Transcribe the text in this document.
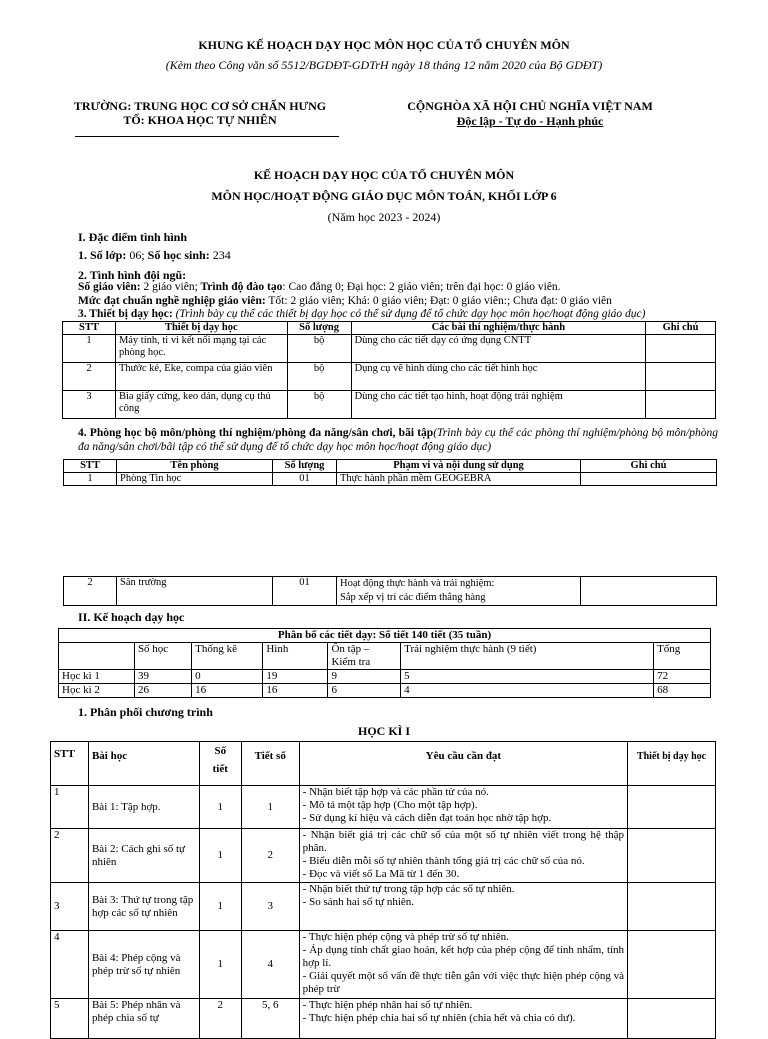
KHUNG KẾ HOẠCH DẠY HỌC MÔN HỌC CỦA TỔ CHUYÊN MÔN
(Kèm theo Công văn số 5512/BGDĐT-GDTrH ngày 18 tháng 12 năm 2020 của Bộ GDĐT)
TRƯỜNG: TRUNG HỌC CƠ SỞ CHẤN HƯNG
TỔ: KHOA HỌC TỰ NHIÊN
CỘNGHÒA XÃ HỘI CHỦ NGHĨA VIỆT NAM
Độc lập - Tự do - Hạnh phúc
KẾ HOẠCH DẠY HỌC CỦA TỔ CHUYÊN MÔN
MÔN HỌC/HOẠT ĐỘNG GIÁO DỤC MÔN TOÁN, KHỐI LỚP 6
(Năm học 2023 - 2024)
I. Đặc điểm tình hình
1. Số lớp: 06; Số học sinh: 234
2. Tình hình đội ngũ:
Số giáo viên: 2 giáo viên; Trình độ đào tạo: Cao đẳng 0; Đại học: 2 giáo viên; trên đại học: 0 giáo viên.
Mức đạt chuẩn nghề nghiệp giáo viên: Tốt: 2 giáo viên; Khá: 0 giáo viên; Đạt: 0 giáo viên:; Chưa đạt: 0 giáo viên
3. Thiết bị dạy học: (Trình bày cụ thể các thiết bị dạy học có thể sử dụng để tổ chức dạy học môn học/hoạt động giáo dục)
STT	Thiết bị dạy học	Số lượng	Các bài thí nghiệm/thực hành	Ghi chú
1	Máy tính, ti vi kết nối mạng tại các phòng học.	bộ	Dùng cho các tiết dạy có ứng dụng CNTT	
2	Thước kẻ, Eke, compa của giáo viên	bộ	Dụng cụ vẽ hình dùng cho các tiết hình học	
3	Bìa giấy cứng, keo dán, dụng cụ thủ công	bộ	Dùng cho các tiết tạo hình, hoạt động trải nghiệm	
4. Phòng học bộ môn/phòng thí nghiệm/phòng đa năng/sân chơi, bãi tập(Trình bày cụ thể các phòng thí nghiệm/phòng bộ môn/phòng đa năng/sân chơi/bãi tập có thể sử dụng để tổ chức dạy học môn học/hoạt động giáo dục)
STT	Tên phòng	Số lượng	Phạm vi và nội dung sử dụng	Ghi chú
1	Phòng Tin học	01	Thực hành phần mềm GEOGEBRA	
2	Sân trường	01	Hoạt động thực hành và trải nghiệm:
Sắp xếp vị trí các điểm thẳng hàng

II. Kế hoạch dạy học
Phân bố các tiết dạy: Số tiết 140 tiết (35 tuần)						
	Số học	Thống kê	Hình	Ôn tập –
Kiểm tra	Trải nghiệm thực hành (9 tiết)	Tổng
Học kì 1	39	0	19	9	5	72
Học kì 2	26	16	16	6	4	68
1. Phân phối chương trình
HỌC KÌ I
STT	Bài học	Số
tiết	Tiết số	Yêu cầu cần đạt	Thiết bị dạy học
1	Bài 1: Tập hợp.	1	1	- Nhận biết tập hợp và các phần tử của nó.
- Mô tả một tập hợp (Cho một tập hợp).
- Sử dụng kí hiệu và cách diễn đạt toán học nhờ tập hợp.	

2	Bài 2: Cách ghi số tự nhiên	1	2	- Nhận biết giá trị các chữ số của một số tự nhiên viết trong hệ thập phân.
- Biểu diễn mỗi số tự nhiên thành tổng giá trị các chữ số của nó.
- Đọc và viết số La Mã từ 1 đến 30.	

3	Bài 3: Thứ tự trong tập hợp các số tự nhiên	1	3	- Nhận biết thứ tự trong tập hợp các số tự nhiên.
- So sánh hai số tự nhiên.	

4	Bài 4: Phép cộng và phép trừ số tự nhiên	1	4	- Thực hiện phép cộng và phép trừ số tự nhiên.
- Áp dụng tính chất giao hoán, kết hợp của phép cộng để tính nhẩm, tính hợp lí.
- Giải quyết một số vấn đề thực tiễn gắn với việc thực hiện phép cộng và phép trừ	

5	Bài 5: Phép nhân và phép chia số tự	2	5, 6	- Thực hiện phép nhân hai số tự nhiên.
- Thực hiện phép chia hai số tự nhiên (chia hết và chia có dư).	
